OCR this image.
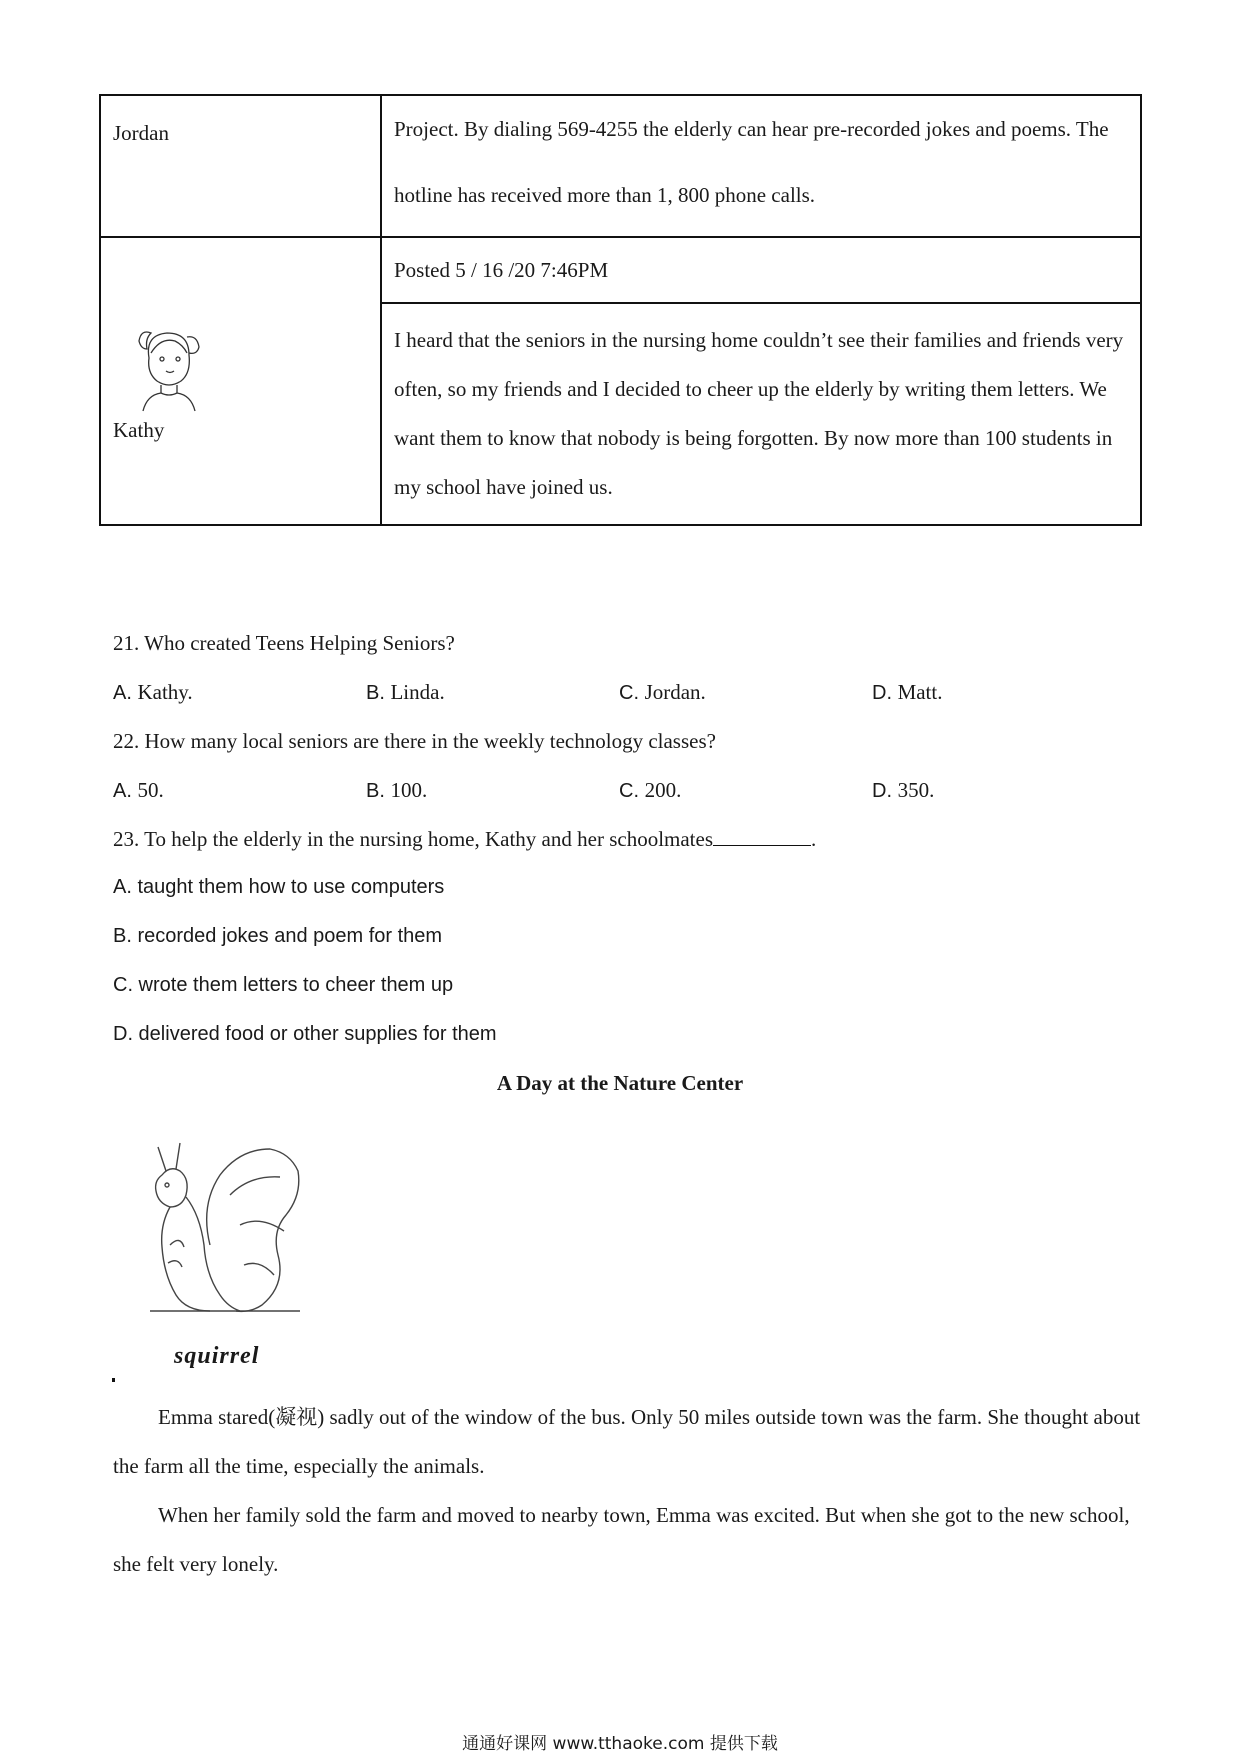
Jordan	Project. By dialing 569-4255 the elderly can hear pre-recorded jokes and poems. The hotline has received more than 1, 800 phone calls.

Kathy	Posted 5 / 16 /20 7:46PM

	I heard that the seniors in the nursing home couldn’t see their families and friends very often, so my friends and I decided to cheer up the elderly by writing them letters. We want them to know that nobody is being forgotten. By now more than 100 students in my school have joined us.
21. Who created Teens Helping Seniors?
A. Kathy.	B. Linda.	C. Jordan.	D. Matt.
22. How many local seniors are there in the weekly technology classes?
A. 50.	B. 100.	C. 200.	D. 350.
23. To help the elderly in the nursing home, Kathy and her schoolmates	.
A. taught them how to use computers
B. recorded jokes and poem for them
C. wrote them letters to cheer them up
D. delivered food or other supplies for them
A Day at the Nature Center
squirrel
Emma stared(凝视) sadly out of the window of the bus. Only 50 miles outside town was the farm. She thought about the farm all the time, especially the animals.
When her family sold the farm and moved to nearby town, Emma was excited. But when she got to the new school, she felt very lonely.
通通好课网 www.tthaoke.com 提供下载
